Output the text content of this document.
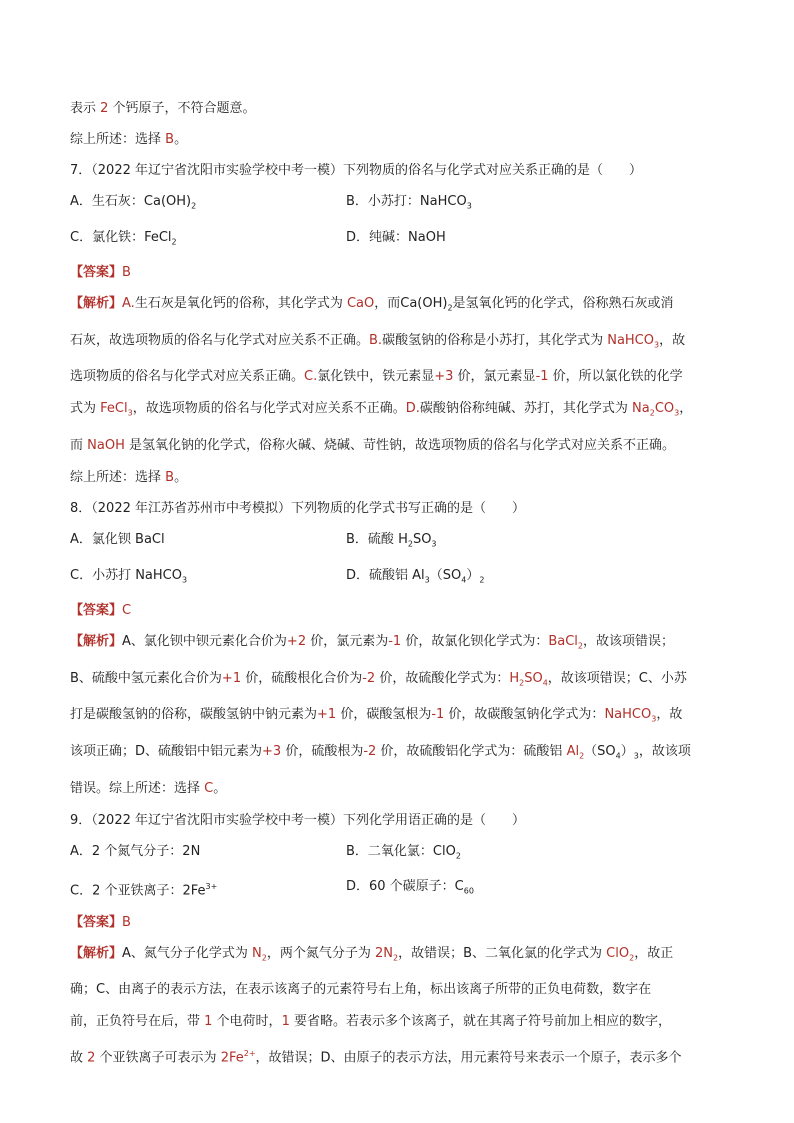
表示 2 个钙原子，不符合题意。
综上所述：选择 B。
7．（2022 年辽宁省沈阳市实验学校中考一模）下列物质的俗名与化学式对应关系正确的是（　　）
A．生石灰：$Ca(OH)_2$	B．小苏打：NaHCO$_3$
C．氯化铁：FeCl$_2$	D．纯碱：NaOH
【答案】B
【解析】A.生石灰是氧化钙的俗称，其化学式为 CaO，而$Ca(OH)_2$是氢氧化钙的化学式，俗称熟石灰或消
石灰，故选项物质的俗名与化学式对应关系不正确。B.碳酸氢钠的俗称是小苏打，其化学式为 NaHCO$_3$，故
选项物质的俗名与化学式对应关系正确。C.氯化铁中，铁元素显+3 价，氯元素显-1 价，所以氯化铁的化学
式为 FeCl$_3$，故选项物质的俗名与化学式对应关系不正确。D.碳酸钠俗称纯碱、苏打，其化学式为 $Na_2CO_3$，
而 NaOH 是氢氧化钠的化学式，俗称火碱、烧碱、苛性钠，故选项物质的俗名与化学式对应关系不正确。
综上所述：选择 B。
8．（2022 年江苏省苏州市中考模拟）下列物质的化学式书写正确的是（　　）
A．氯化钡 BaCl	B．硫酸 $H_2SO_3$
C．小苏打 NaHCO$_3$	D．硫酸铝 $Al_3(SO_4)_2$
【答案】C
【解析】A、氯化钡中钡元素化合价为+2 价，氯元素为-1 价，故氯化钡化学式为：BaCl$_2$，故该项错误；
B、硫酸中氢元素化合价为+1 价，硫酸根化合价为-2 价，故硫酸化学式为：$H_2SO_4$，故该项错误；C、小苏
打是碳酸氢钠的俗称，碳酸氢钠中钠元素为+1 价，碳酸氢根为-1 价，故碳酸氢钠化学式为：NaHCO$_3$，故
该项正确；D、硫酸铝中铝元素为+3 价，硫酸根为-2 价，故硫酸铝化学式为：硫酸铝 $Al_2(SO_4)_3$，故该项
错误。综上所述：选择 C。
9．（2022 年辽宁省沈阳市实验学校中考一模）下列化学用语正确的是（　　）
A．2 个氮气分子：2N	B．二氧化氯：ClO$_2$
C．2 个亚铁离子：$2Fe^{3+}$	D．60 个碳原子：$C_{60}$
【答案】B
【解析】A、氮气分子化学式为 $N_2$，两个氮气分子为 $2N_2$，故错误；B、二氧化氯的化学式为 ClO$_2$，故正
确；C、由离子的表示方法，在表示该离子的元素符号右上角，标出该离子所带的正负电荷数，数字在
前，正负符号在后，带 1 个电荷时，1 要省略。若表示多个该离子，就在其离子符号前加上相应的数字，
故 2 个亚铁离子可表示为 $2Fe^{2+}$，故错误；D、由原子的表示方法，用元素符号来表示一个原子，表示多个
